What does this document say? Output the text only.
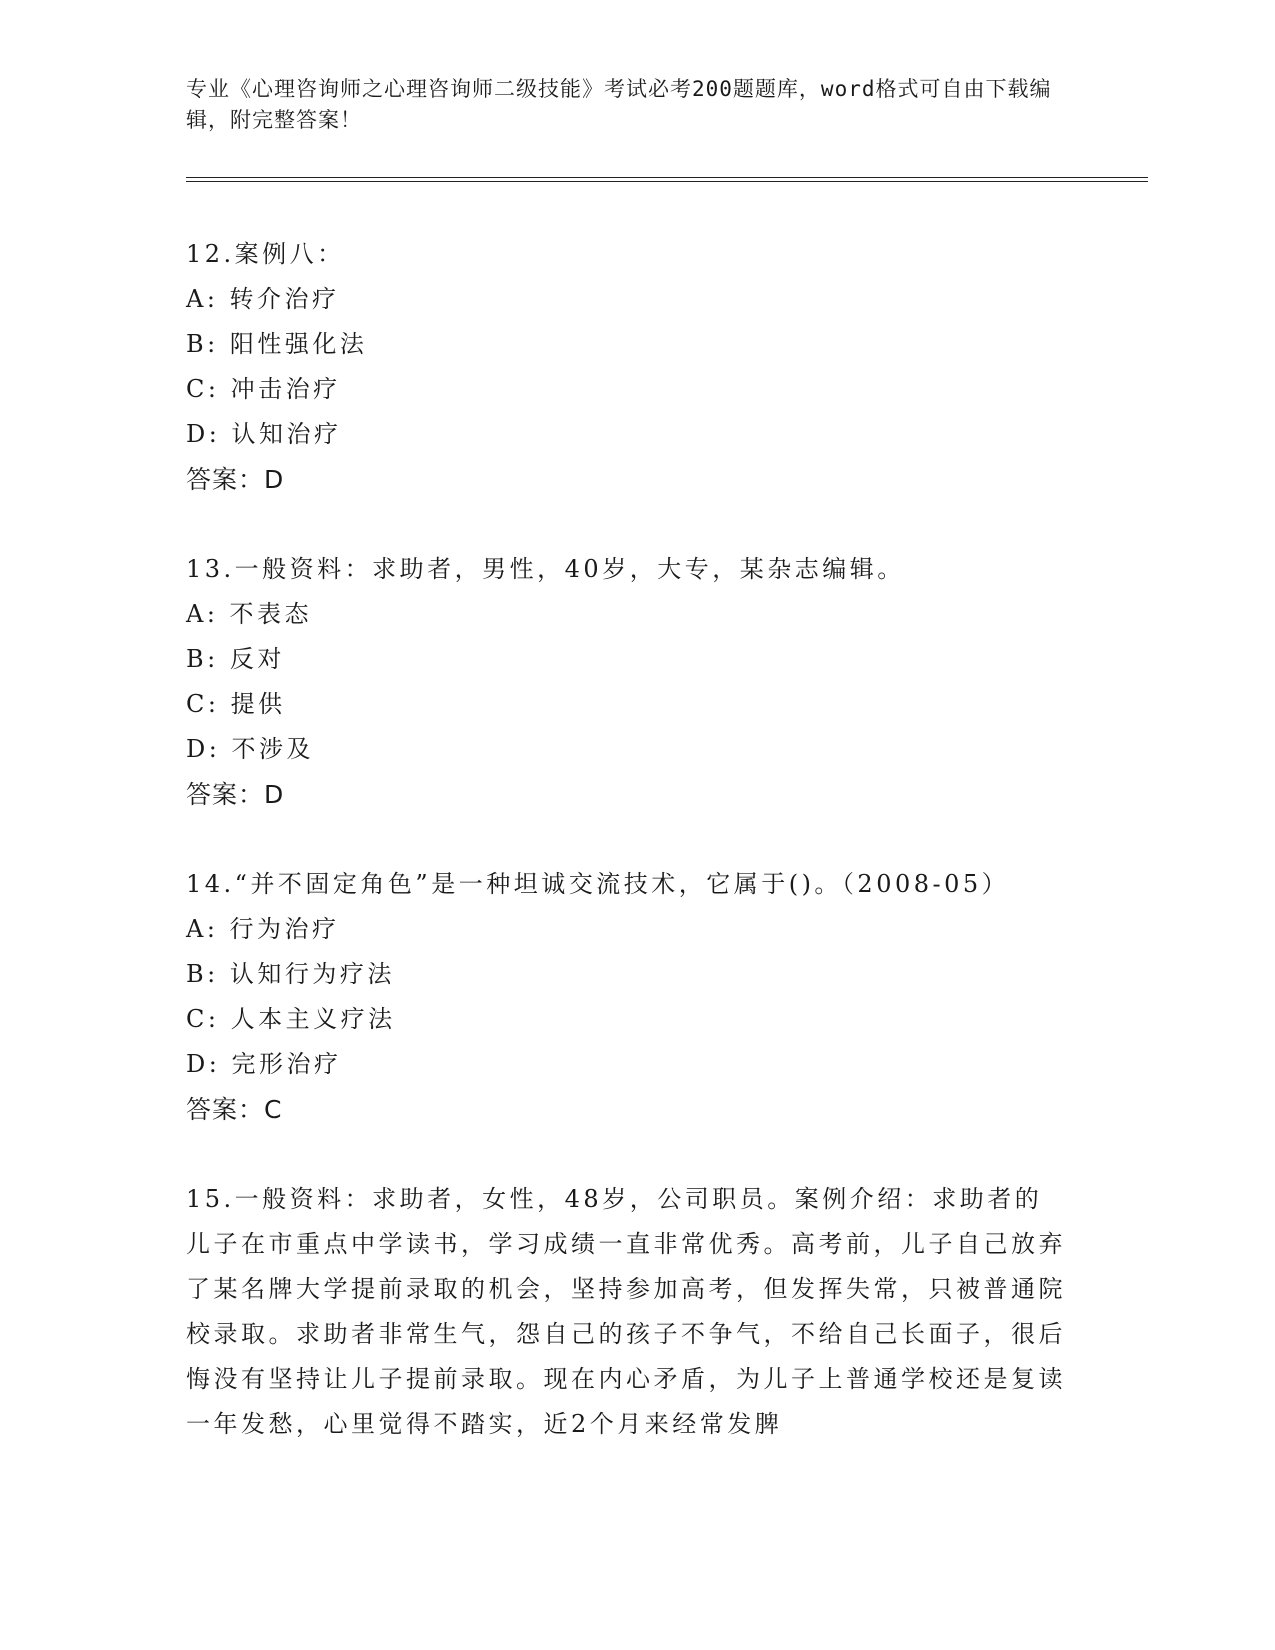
专业《心理咨询师之心理咨询师二级技能》考试必考200题题库，word格式可自由下载编辑，附完整答案！
12.案例八：
A: 转介治疗
B: 阳性强化法
C: 冲击治疗
D: 认知治疗
答案：D
13.一般资料：求助者，男性，40岁，大专，某杂志编辑。
A: 不表态
B: 反对
C: 提供
D: 不涉及
答案：D
14.“并不固定角色”是一种坦诚交流技术，它属于()。（2008-05）
A: 行为治疗
B: 认知行为疗法
C: 人本主义疗法
D: 完形治疗
答案：C
15.一般资料：求助者，女性，48岁，公司职员。案例介绍：求助者的儿子在市重点中学读书，学习成绩一直非常优秀。高考前，儿子自己放弃了某名牌大学提前录取的机会，坚持参加高考，但发挥失常，只被普通院校录取。求助者非常生气，怨自己的孩子不争气，不给自己长面子，很后悔没有坚持让儿子提前录取。现在内心矛盾，为儿子上普通学校还是复读一年发愁，心里觉得不踏实，近2个月来经常发脾
